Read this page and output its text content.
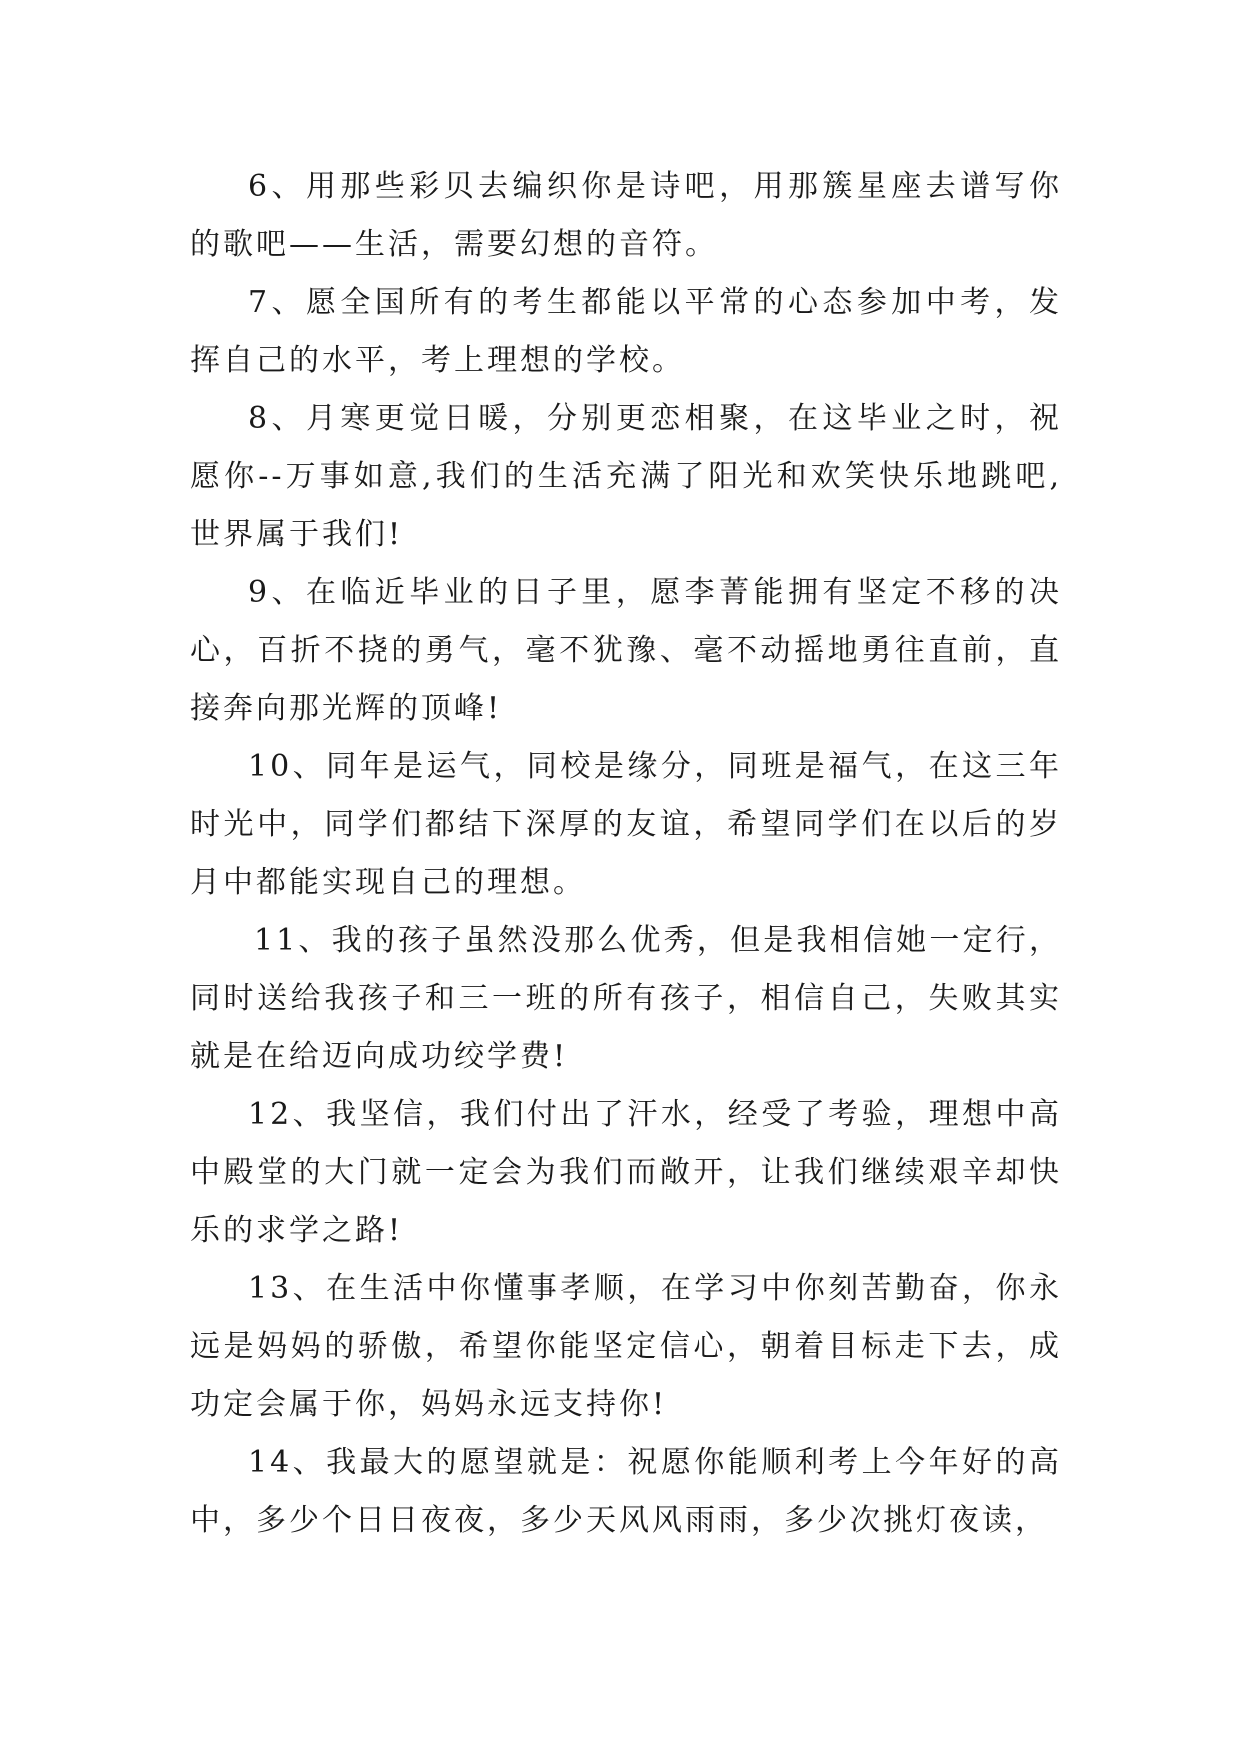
6、用那些彩贝去编织你是诗吧，用那簇星座去谱写你的歌吧——生活，需要幻想的音符。

7、愿全国所有的考生都能以平常的心态参加中考，发挥自己的水平，考上理想的学校。

8、月寒更觉日暖，分别更恋相聚，在这毕业之时，祝愿你--万事如意,我们的生活充满了阳光和欢笑快乐地跳吧,世界属于我们!

9、在临近毕业的日子里，愿李菁能拥有坚定不移的决心，百折不挠的勇气，毫不犹豫、毫不动摇地勇往直前，直接奔向那光辉的顶峰!

10、同年是运气，同校是缘分，同班是福气，在这三年时光中，同学们都结下深厚的友谊，希望同学们在以后的岁月中都能实现自己的理想。

11、我的孩子虽然没那么优秀，但是我相信她一定行，同时送给我孩子和三一班的所有孩子，相信自己，失败其实就是在给迈向成功绞学费!

12、我坚信，我们付出了汗水，经受了考验，理想中高中殿堂的大门就一定会为我们而敞开，让我们继续艰辛却快乐的求学之路!

13、在生活中你懂事孝顺，在学习中你刻苦勤奋，你永远是妈妈的骄傲，希望你能坚定信心，朝着目标走下去，成功定会属于你，妈妈永远支持你!

14、我最大的愿望就是：祝愿你能顺利考上今年好的高中，多少个日日夜夜，多少天风风雨雨，多少次挑灯夜读，
